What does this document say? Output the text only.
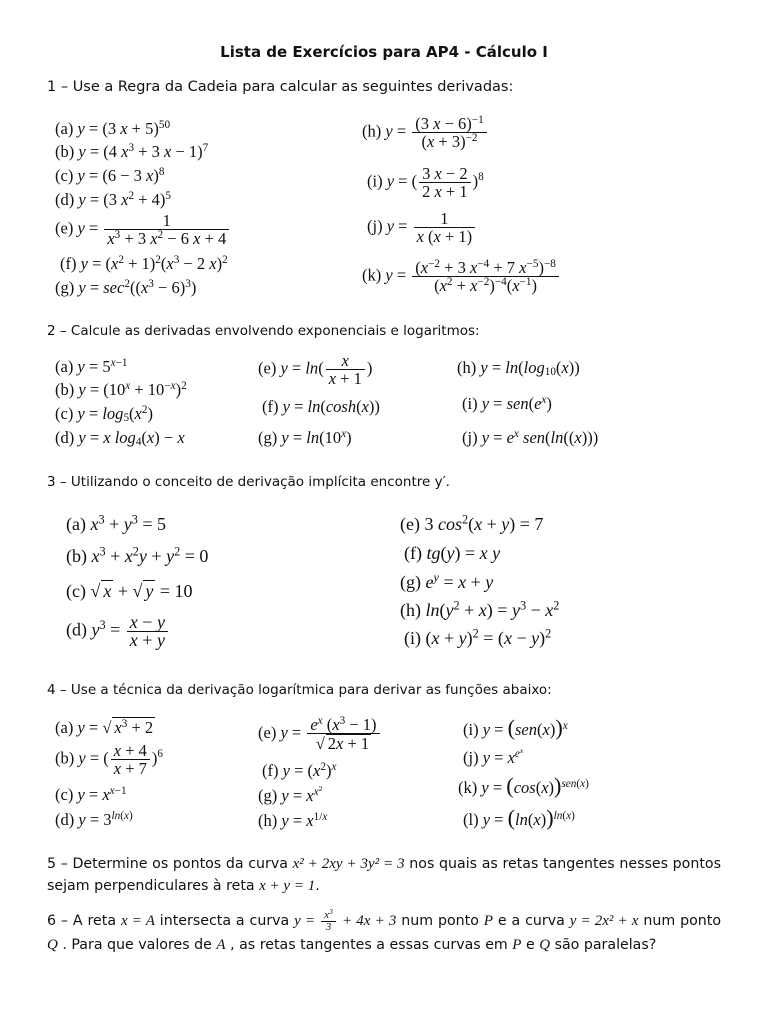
Lista de Exercícios para AP4 - Cálculo I
1 – Use a Regra da Cadeia para calcular as seguintes derivadas:
(a) y = (3 x + 5)$^{50}$
(b) y = (4 $x^3 + 3$ x − 1)$^7$
(c) y = (6 − 3 x)$^8$
(d) y = (3 $x^2 + 4)^5$
(e) $y = \frac{1}{x^3 + 3 x^2 - 6 x + 4}$
(f) $y = (x^2 + 1)^2(x^3 - 2$ x)$^2$
(g) $y = \sec^2((x^3 - 6)^3)$
(h) $y = \frac{(3 x - 6)^{-1}}{(x + 3)^{-2}}$
(i) y = ( $\frac{3 x - 2}{2 x + 1} )^8$
(j) $y = \frac{1}{x (x + 1)}$
(k) $y = \frac{(x^{-2} + 3 x^{-4} + 7 x^{-5})^{-8}}{(x^2 + x^{-2})^{-4}(x^{-1})}$
2 – Calcule as derivadas envolvendo exponenciais e logaritmos:
(a) $y = 5^{x-1}$
(b) $y = (10^x + 10^{-x})^2$
(c) $y = \log_5(x^2)$
(d) y = x $\log_4(x) - x$
(e) $y = \ln( \frac{x}{x + 1}$ )
(f) y = ln(cosh(x))
(g) $y = \ln(10^x)$
(h) $y = \ln(\log_{10}(x))$
(i) $y = sen(e^x)$
(j) $y = e^x$ sen(ln((x)))
3 – Utilizando o conceito de derivação implícita encontre y′.
(a) $x^3 + y^3 = 5$
(b) $x^3 + x^2y + y^2 = 0$
(c) √ x + √ y = 10
(d) $y^3 = \frac{x - y}{x + y}$
(e) 3 $\cos^2(x + y) = 7$
(f) tg(y) = x y
(g) $e^y = x + y$
(h) $\ln(y^2 + x) = y^3 - x^2$
(i) $(x + y)^2 = (x - y)^2$
4 – Use a técnica da derivação logarítmica para derivar as funções abaixo:
(a) y = √ $x^3 + 2$
(b) y = ( $\frac{x + 4}{x + 7} )^6$
(c) $y = x^{x-1}$
(d) $y = 3^{ln(x)}$
(e) $y = \frac{e^x (x^3 - 1)}{√ 2x + 1}$
(f) $y = (x^2)^x$
(g) $y = x^{x^2}$
(h) $y = x^{1/x}$
(i) $y = (sen(x))^x$
(j) $y = x^{e^x}$
(k) $y = (\cos(x))^{sen(x)}$
(l) $y = (\ln(x))^{ln(x)}$
5 – Determine os pontos da curva x² + 2xy + 3y² = 3 nos quais as retas tangentes nesses pontos sejam perpendiculares à reta x + y = 1.
6 – A reta x = A intersecta a curva $y = \frac{x^3}{3} + 4x + 3$ num ponto P e a curva y = 2x² + x num ponto Q . Para que valores de A , as retas tangentes a essas curvas em P e Q são paralelas?
